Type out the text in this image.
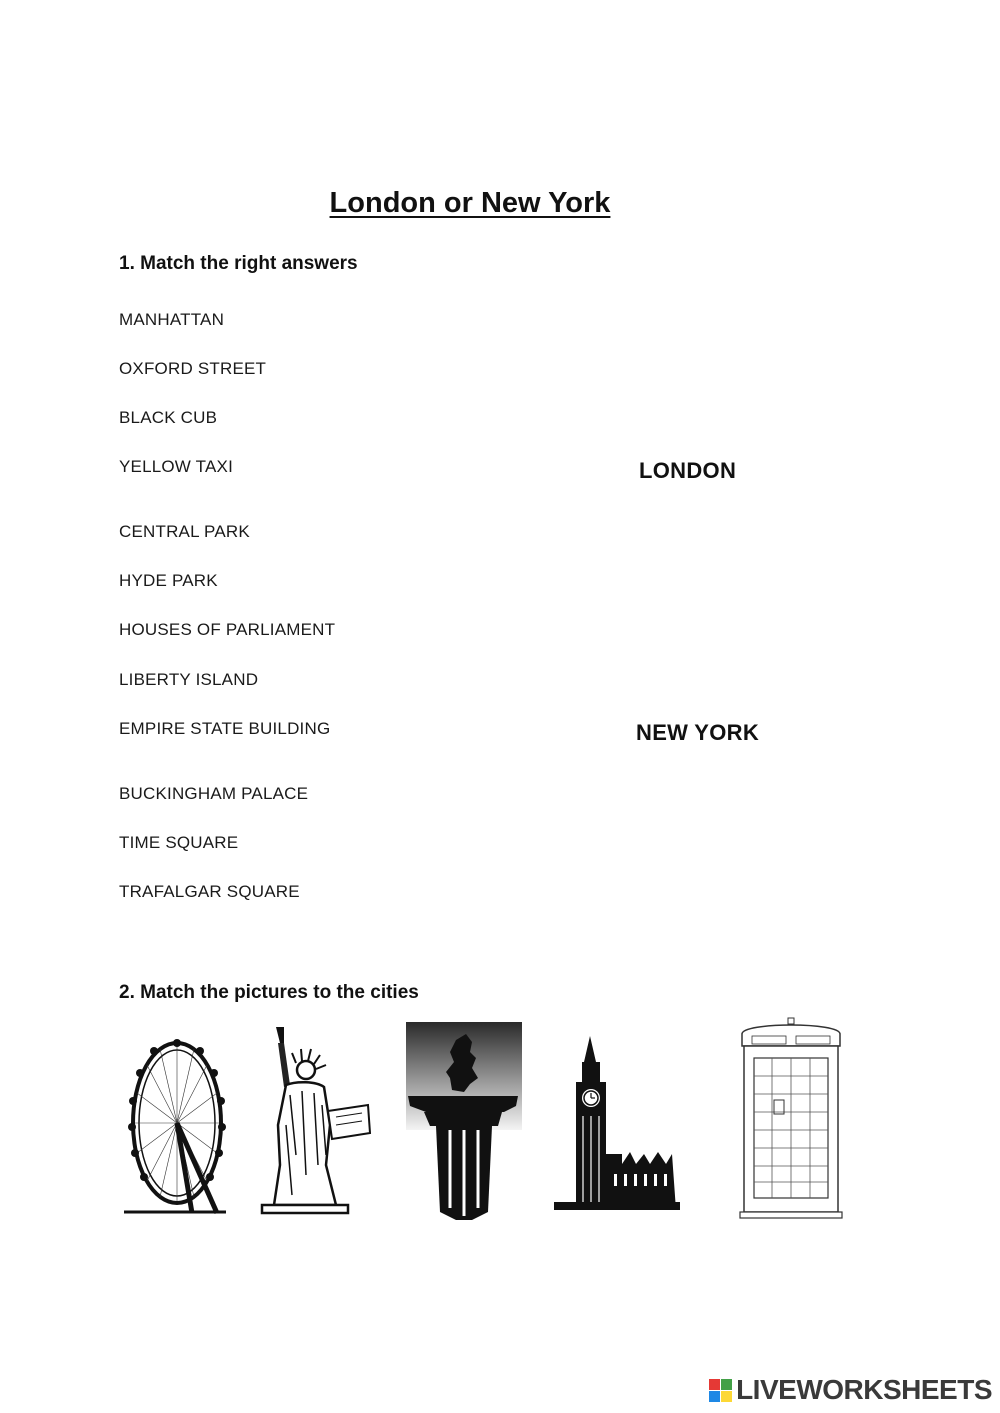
London or New York
1. Match the right answers
MANHATTAN
OXFORD STREET
BLACK CUB
YELLOW TAXI
CENTRAL PARK
HYDE PARK
HOUSES OF PARLIAMENT
LIBERTY ISLAND
EMPIRE STATE BUILDING
BUCKINGHAM PALACE
TIME SQUARE
TRAFALGAR SQUARE
LONDON
NEW YORK
2. Match the pictures to the cities
LIVEWORKSHEETS
